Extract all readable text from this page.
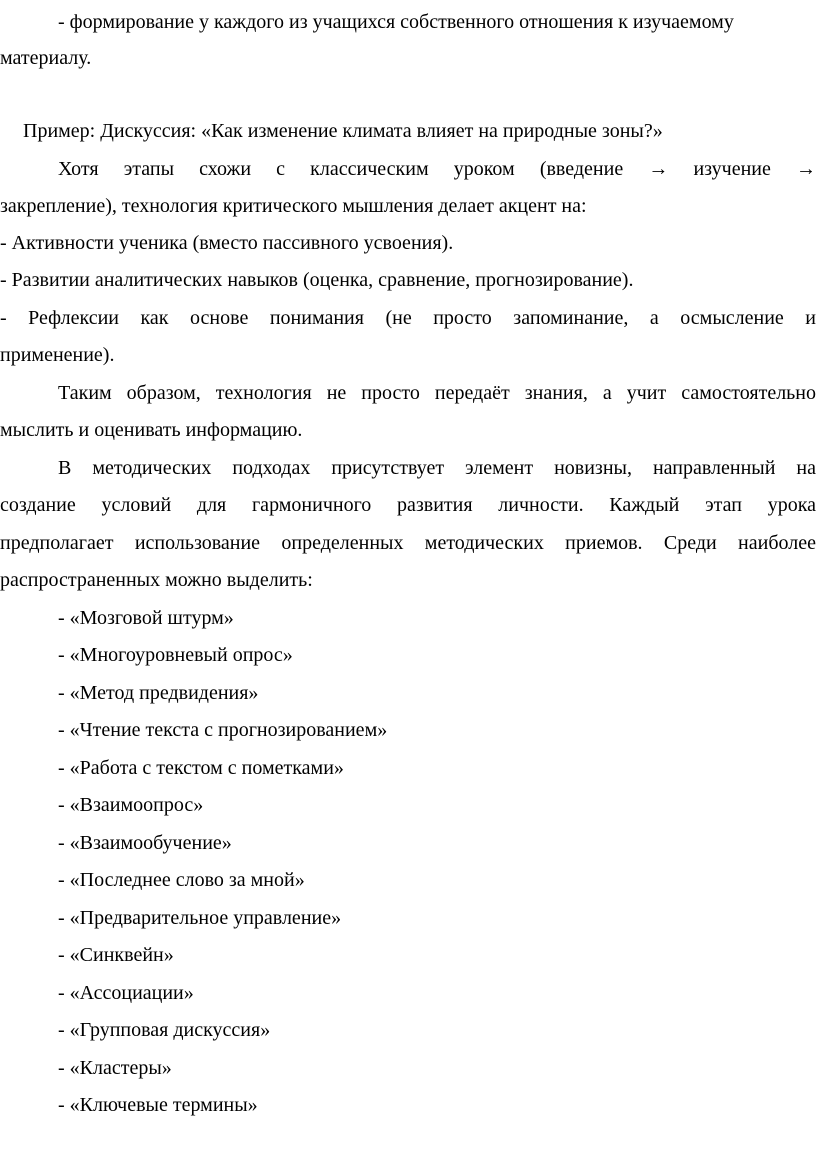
- формирование у каждого из учащихся собственного отношения к изучаемому
материалу.
Пример: Дискуссия: «Как изменение климата влияет на природные зоны?»
Хотя этапы схожи с классическим уроком (введение → изучение →
закрепление), технология критического мышления делает акцент на:
- Активности ученика (вместо пассивного усвоения).
- Развитии аналитических навыков (оценка, сравнение, прогнозирование).
- Рефлексии как основе понимания (не просто запоминание, а осмысление и
применение).
Таким образом, технология не просто передаёт знания, а учит самостоятельно
мыслить и оценивать информацию.
В методических подходах присутствует элемент новизны, направленный на
создание условий для гармоничного развития личности. Каждый этап урока
предполагает использование определенных методических приемов. Среди наиболее
распространенных можно выделить:
- «Мозговой штурм»
- «Многоуровневый опрос»
- «Метод предвидения»
- «Чтение текста с прогнозированием»
- «Работа с текстом с пометками»
- «Взаимоопрос»
- «Взаимообучение»
- «Последнее слово за мной»
- «Предварительное управление»
- «Синквейн»
- «Ассоциации»
- «Групповая дискуссия»
- «Кластеры»
- «Ключевые термины»
